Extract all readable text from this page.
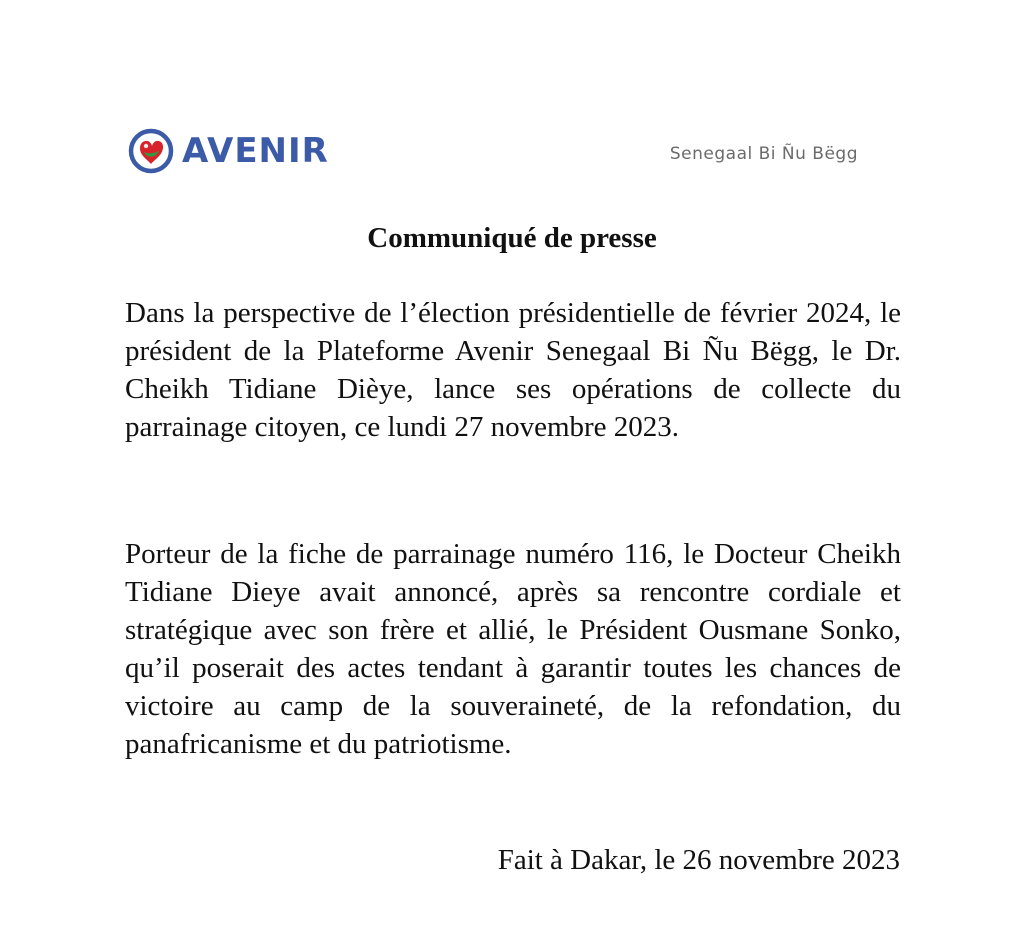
AVENIR	Senegaal Bi Ñu Bëgg
Communiqué de presse

Dans la perspective de l’élection présidentielle de février 2024, le président de la Plateforme Avenir Senegaal Bi Ñu Bëgg, le Dr. Cheikh Tidiane Dièye, lance ses opérations de collecte du parrainage citoyen, ce lundi 27 novembre 2023.

Porteur de la fiche de parrainage numéro 116, le Docteur Cheikh Tidiane Dieye avait annoncé, après sa rencontre cordiale et stratégique avec son frère et allié, le Président Ousmane Sonko, qu’il poserait des actes tendant à garantir toutes les chances de victoire au camp de la souveraineté, de la refondation, du panafricanisme et du patriotisme.

Fait à Dakar, le 26 novembre 2023
